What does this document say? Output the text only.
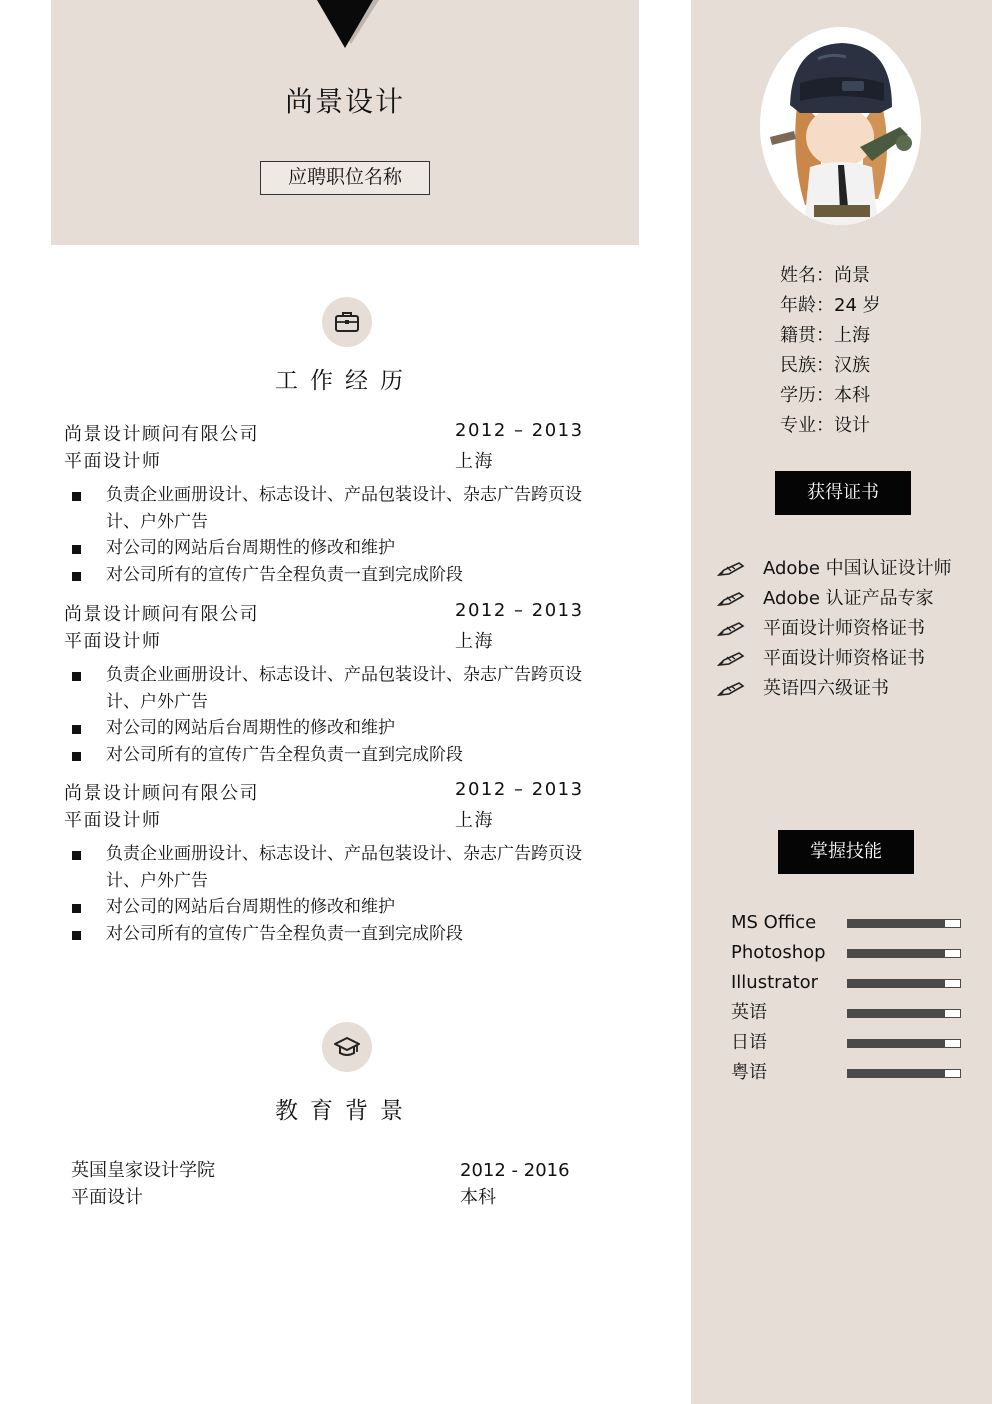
尚景设计
应聘职位名称
姓名：尚景
年龄：24 岁
籍贯：上海
民族：汉族
学历：本科
专业：设计
获得证书
Adobe 中国认证设计师
Adobe 认证产品专家
平面设计师资格证书
平面设计师资格证书
英语四六级证书
掌握技能
MS Office
Photoshop
Illustrator
英语
日语
粤语
工作经历
尚景设计顾问有限公司	2012 – 2013
平面设计师	上海
负责企业画册设计、标志设计、产品包装设计、杂志广告跨页设计、户外广告
对公司的网站后台周期性的修改和维护
对公司所有的宣传广告全程负责一直到完成阶段
尚景设计顾问有限公司	2012 – 2013
平面设计师	上海
负责企业画册设计、标志设计、产品包装设计、杂志广告跨页设计、户外广告
对公司的网站后台周期性的修改和维护
对公司所有的宣传广告全程负责一直到完成阶段
尚景设计顾问有限公司	2012 – 2013
平面设计师	上海
负责企业画册设计、标志设计、产品包装设计、杂志广告跨页设计、户外广告
对公司的网站后台周期性的修改和维护
对公司所有的宣传广告全程负责一直到完成阶段
教育背景
英国皇家设计学院	2012 - 2016
平面设计	本科
